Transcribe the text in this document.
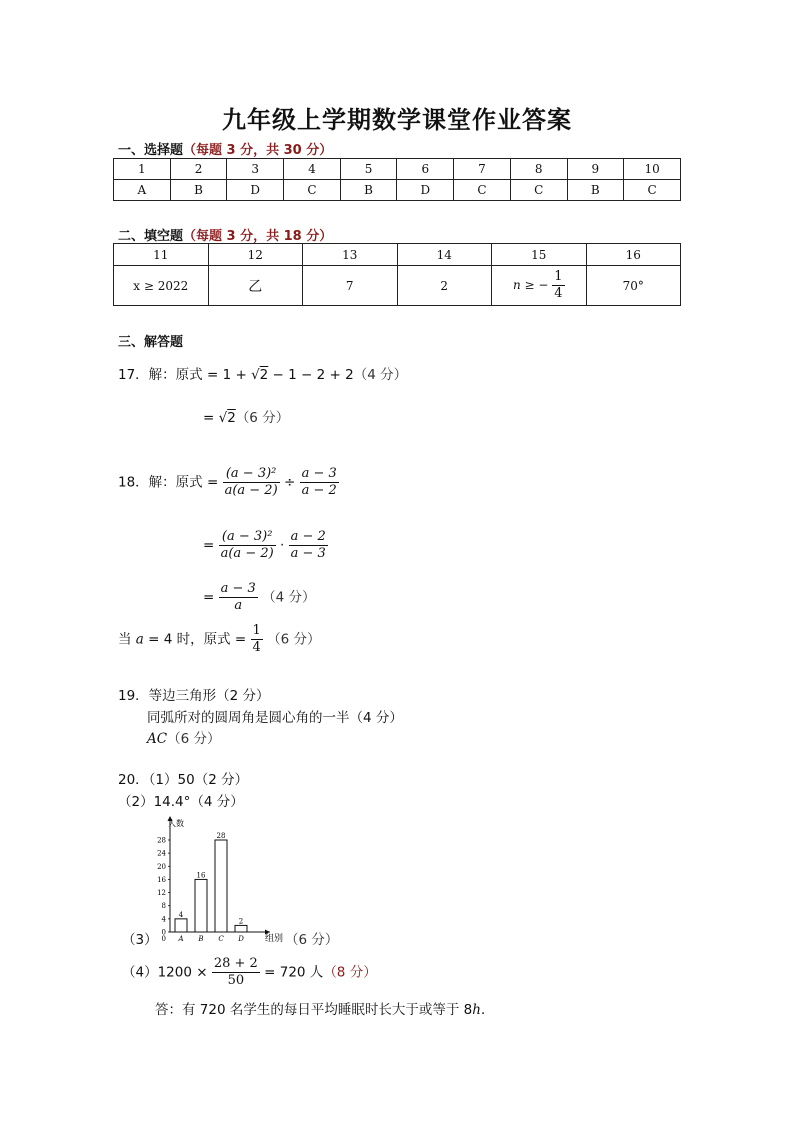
九年级上学期数学课堂作业答案
一、选择题（每题 3 分，共 30 分）
1	2	3	4	5	6	7	8	9	10
A	B	D	C	B	D	C	C	B	C
二、填空题（每题 3 分，共 18 分）
11	12	13	14	15	16
x ≥ 2022	乙	7	2	n ≥ − $\frac{1}{4}$	70°
三、解答题
17．解：原式 = 1 + √2 − 1 − 2 + 2（4 分）
= √2（6 分）
18．解：原式 = $\frac{\text{(a − 3)²}}{a(a - 2)} \div \frac{a - 3}{a - 2}$
= $\frac{\text{(a − 3)²}}{a(a - 2)} \cdot \frac{a - 2}{a - 3}$
= $\frac{a - 3}{a} (4$ 分）
当 a = 4 时，原式 = $\frac{1}{4} (6$ 分）
19．等边三角形（2 分）
同弧所对的圆周角是圆心角的一半（4 分）
AC（6 分）
20．（1）50（2 分）
（2）14.4°（4 分）
0
4
8
12
16
20
24
28
4
16
28
2
A B C D
0
人数
（3）	组别 （6 分）
$(4)1200 \times \frac{28 + 2}{50} = 720$ 人（8 分）
答：有 720 名学生的每日平均睡眠时长大于或等于 8h．
